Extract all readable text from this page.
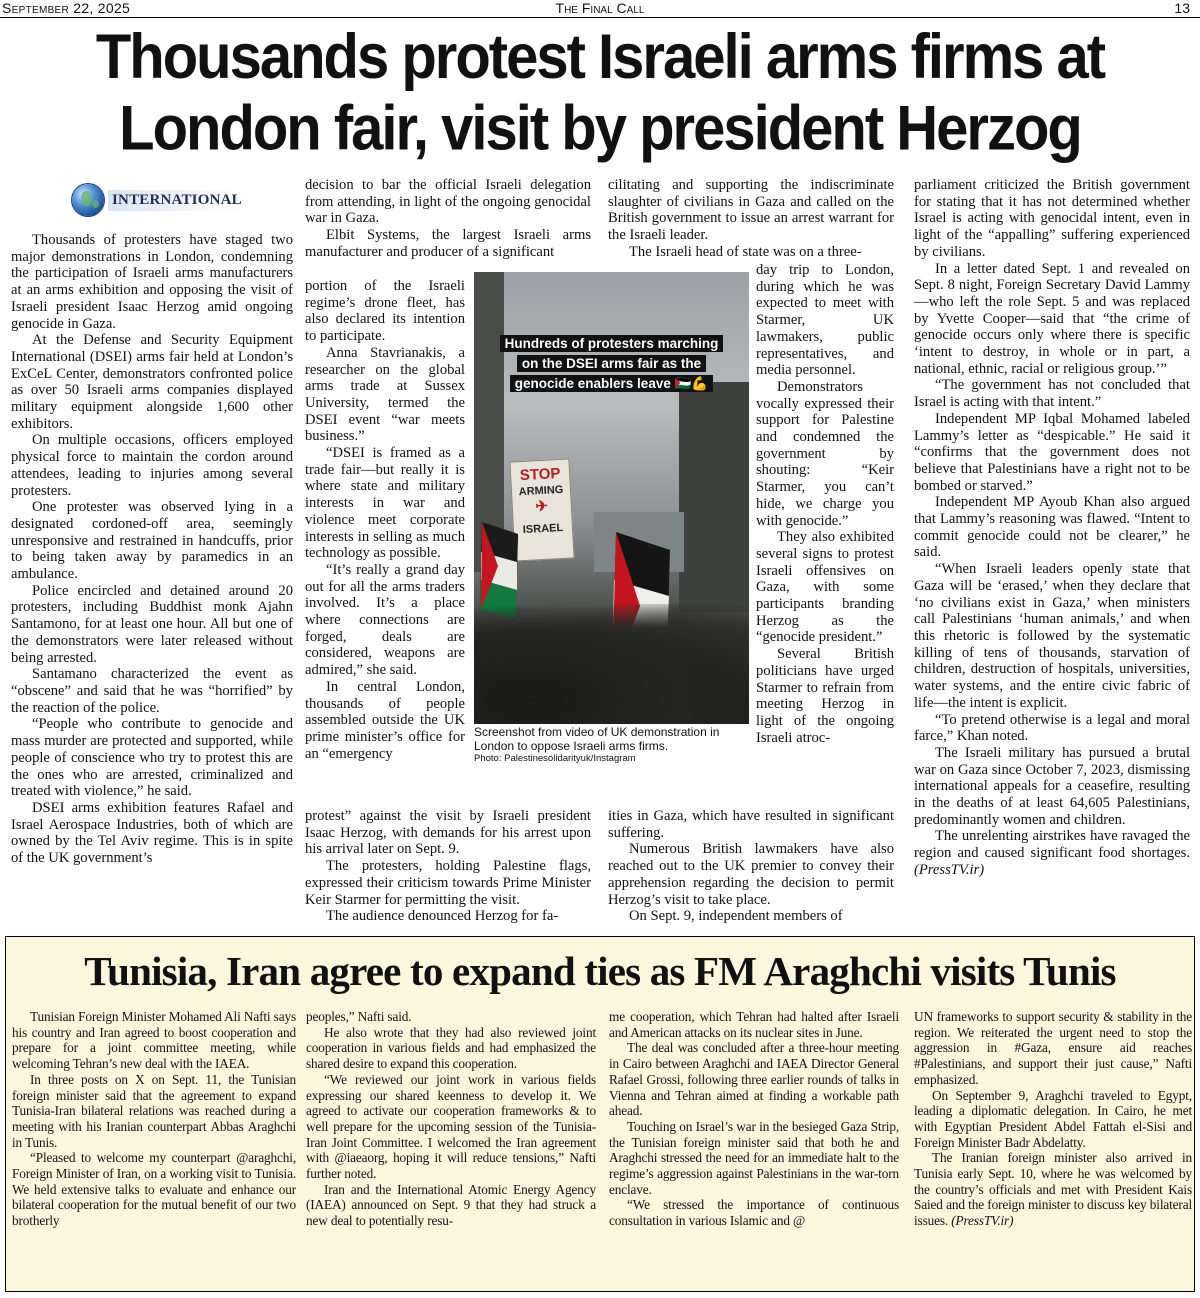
September 22, 2025	The Final Call	13
Thousands protest Israeli arms firms at
London fair, visit by president Herzog
INTERNATIONAL

Thousands of protesters have staged two major demonstrations in London, condemning the participation of Israeli arms manufacturers at an arms exhibition and opposing the visit of Israeli president Isaac Herzog amid ongoing genocide in Gaza.

At the Defense and Security Equipment International (DSEI) arms fair held at London’s ExCeL Center, demonstrators confronted police as over 50 Israeli arms companies displayed military equipment alongside 1,600 other exhibitors.

On multiple occasions, officers employed physical force to maintain the cordon around attendees, leading to injuries among several protesters.

One protester was observed lying in a designated cordoned-off area, seemingly unresponsive and restrained in handcuffs, prior to being taken away by paramedics in an ambulance.

Police encircled and detained around 20 protesters, including Buddhist monk Ajahn Santamono, for at least one hour. All but one of the demonstrators were later released without being arrested.

Santamano characterized the event as “obscene” and said that he was “horrified” by the reaction of the police.

“People who contribute to genocide and mass murder are protected and supported, while people of conscience who try to protest this are the ones who are arrested, criminalized and treated with violence,” he said.

DSEI arms exhibition features Rafael and Israel Aerospace Industries, both of which are owned by the Tel Aviv regime. This is in spite of the UK government’s

decision to bar the official Israeli delegation from attending, in light of the ongoing genocidal war in Gaza.

Elbit Systems, the largest Israeli arms manufacturer and producer of a significant

portion of the Israeli regime’s drone fleet, has also declared its intention to participate.

Anna Stavrianakis, a researcher on the global arms trade at Sussex University, termed the DSEI event “war meets business.”

“DSEI is framed as a trade fair—but really it is where state and military interests in war and violence meet corporate interests in selling as much technology as possible.

“It’s really a grand day out for all the arms traders involved. It’s a place where connections are forged, deals are considered, weapons are admired,” she said.

In central London, thousands of people assembled outside the UK prime minister’s office for an “emergency

protest” against the visit by Israeli president Isaac Herzog, with demands for his arrest upon his arrival later on Sept. 9.

The protesters, holding Palestine flags, expressed their criticism towards Prime Minister Keir Starmer for permitting the visit.

The audience denounced Herzog for fa-

cilitating and supporting the indiscriminate slaughter of civilians in Gaza and called on the British government to issue an arrest warrant for the Israeli leader.

The Israeli head of state was on a three-

day trip to London, during which he was expected to meet with Starmer, UK lawmakers, public representatives, and media personnel.

Demonstrators vocally expressed their support for Palestine and condemned the government by shouting: “Keir Starmer, you can’t hide, we charge you with genocide.”

They also exhibited several signs to protest Israeli offensives on Gaza, with some participants branding Herzog as the “genocide president.”

Several British politicians have urged Starmer to refrain from meeting Herzog in light of the ongoing Israeli atroc-

ities in Gaza, which have resulted in significant suffering.

Numerous British lawmakers have also reached out to the UK premier to convey their apprehension regarding the decision to permit Herzog’s visit to take place.

On Sept. 9, independent members of

STOP
ARMING
✈
ISRAEL
Hundreds of protesters marching
on the DSEI arms fair as the
genocide enablers leave 🇵🇸💪
Screenshot from video of UK demonstration in London to oppose Israeli arms firms.
Photo: Palestinesolidarityuk/Instagram

parliament criticized the British government for stating that it has not determined whether Israel is acting with genocidal intent, even in light of the “appalling” suffering experienced by civilians.

In a letter dated Sept. 1 and revealed on Sept. 8 night, Foreign Secretary David Lammy—who left the role Sept. 5 and was replaced by Yvette Cooper—said that “the crime of genocide occurs only where there is specific ‘intent to destroy, in whole or in part, a national, ethnic, racial or religious group.’”

“The government has not concluded that Israel is acting with that intent.”

Independent MP Iqbal Mohamed labeled Lammy’s letter as “despicable.” He said it “confirms that the government does not believe that Palestinians have a right not to be bombed or starved.”

Independent MP Ayoub Khan also argued that Lammy’s reasoning was flawed. “Intent to commit genocide could not be clearer,” he said.

“When Israeli leaders openly state that Gaza will be ‘erased,’ when they declare that ‘no civilians exist in Gaza,’ when ministers call Palestinians ‘human animals,’ and when this rhetoric is followed by the systematic killing of tens of thousands, starvation of children, destruction of hospitals, universities, water systems, and the entire civic fabric of life—the intent is explicit.

“To pretend otherwise is a legal and moral farce,” Khan noted.

The Israeli military has pursued a brutal war on Gaza since October 7, 2023, dismissing international appeals for a ceasefire, resulting in the deaths of at least 64,605 Palestinians, predominantly women and children.

The unrelenting airstrikes have ravaged the region and caused significant food shortages. (PressTV.ir)

Tunisia, Iran agree to expand ties as FM Araghchi visits Tunis

Tunisian Foreign Minister Mohamed Ali Nafti says his country and Iran agreed to boost cooperation and prepare for a joint committee meeting, while welcoming Tehran’s new deal with the IAEA.

In three posts on X on Sept. 11, the Tunisian foreign minister said that the agreement to expand Tunisia-Iran bilateral relations was reached during a meeting with his Iranian counterpart Abbas Araghchi in Tunis.

“Pleased to welcome my counterpart @araghchi, Foreign Minister of Iran, on a working visit to Tunisia. We held extensive talks to evaluate and enhance our bilateral cooperation for the mutual benefit of our two brotherly

peoples,” Nafti said.

He also wrote that they had also reviewed joint cooperation in various fields and had emphasized the shared desire to expand this cooperation.

“We reviewed our joint work in various fields expressing our shared keenness to develop it. We agreed to activate our cooperation frameworks & to well prepare for the upcoming session of the Tunisia-Iran Joint Committee. I welcomed the Iran agreement with @iaeaorg, hoping it will reduce tensions,” Nafti further noted.

Iran and the International Atomic Energy Agency (IAEA) announced on Sept. 9 that they had struck a new deal to potentially resu-

me cooperation, which Tehran had halted after Israeli and American attacks on its nuclear sites in June.

The deal was concluded after a three-hour meeting in Cairo between Araghchi and IAEA Director General Rafael Grossi, following three earlier rounds of talks in Vienna and Tehran aimed at finding a workable path ahead.

Touching on Israel’s war in the besieged Gaza Strip, the Tunisian foreign minister said that both he and Araghchi stressed the need for an immediate halt to the regime’s aggression against Palestinians in the war-torn enclave.

“We stressed the importance of continuous consultation in various Islamic and @

UN frameworks to support security & stability in the region. We reiterated the urgent need to stop the aggression in #Gaza, ensure aid reaches #Palestinians, and support their just cause,” Nafti emphasized.

On September 9, Araghchi traveled to Egypt, leading a diplomatic delegation. In Cairo, he met with Egyptian President Abdel Fattah el-Sisi and Foreign Minister Badr Abdelatty.

The Iranian foreign minister also arrived in Tunisia early Sept. 10, where he was welcomed by the country’s officials and met with President Kais Saied and the foreign minister to discuss key bilateral issues. (PressTV.ir)
